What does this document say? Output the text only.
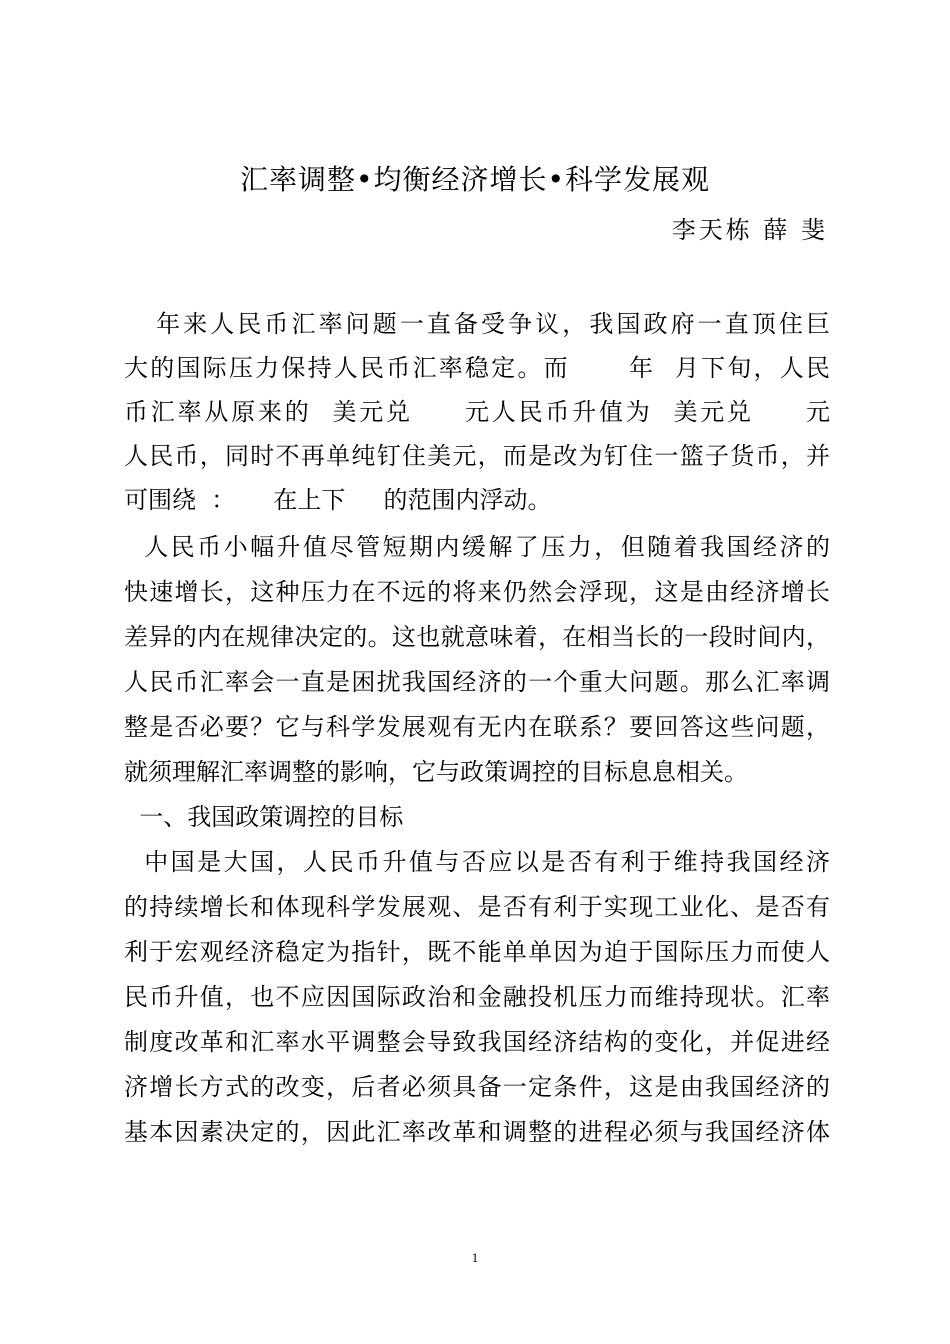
汇率调整•均衡经济增长•科学发展观
李天栋 薛 斐
年来人民币汇率问题一直备受争议，我国政府一直顶住巨
大的国际压力保持人民币汇率稳定。而      年  月下旬，人民
币汇率从原来的  美元兑     元人民币升值为  美元兑     元
人民币，同时不再单纯钉住美元，而是改为钉住一篮子货币，并
可围绕  ：     在上下     的范围内浮动。
人民币小幅升值尽管短期内缓解了压力，但随着我国经济的
快速增长，这种压力在不远的将来仍然会浮现，这是由经济增长
差异的内在规律决定的。这也就意味着，在相当长的一段时间内，
人民币汇率会一直是困扰我国经济的一个重大问题。那么汇率调
整是否必要？它与科学发展观有无内在联系？要回答这些问题，
就须理解汇率调整的影响，它与政策调控的目标息息相关。
一、我国政策调控的目标
中国是大国，人民币升值与否应以是否有利于维持我国经济
的持续增长和体现科学发展观、是否有利于实现工业化、是否有
利于宏观经济稳定为指针，既不能单单因为迫于国际压力而使人
民币升值，也不应因国际政治和金融投机压力而维持现状。汇率
制度改革和汇率水平调整会导致我国经济结构的变化，并促进经
济增长方式的改变，后者必须具备一定条件，这是由我国经济的
基本因素决定的，因此汇率改革和调整的进程必须与我国经济体
1
